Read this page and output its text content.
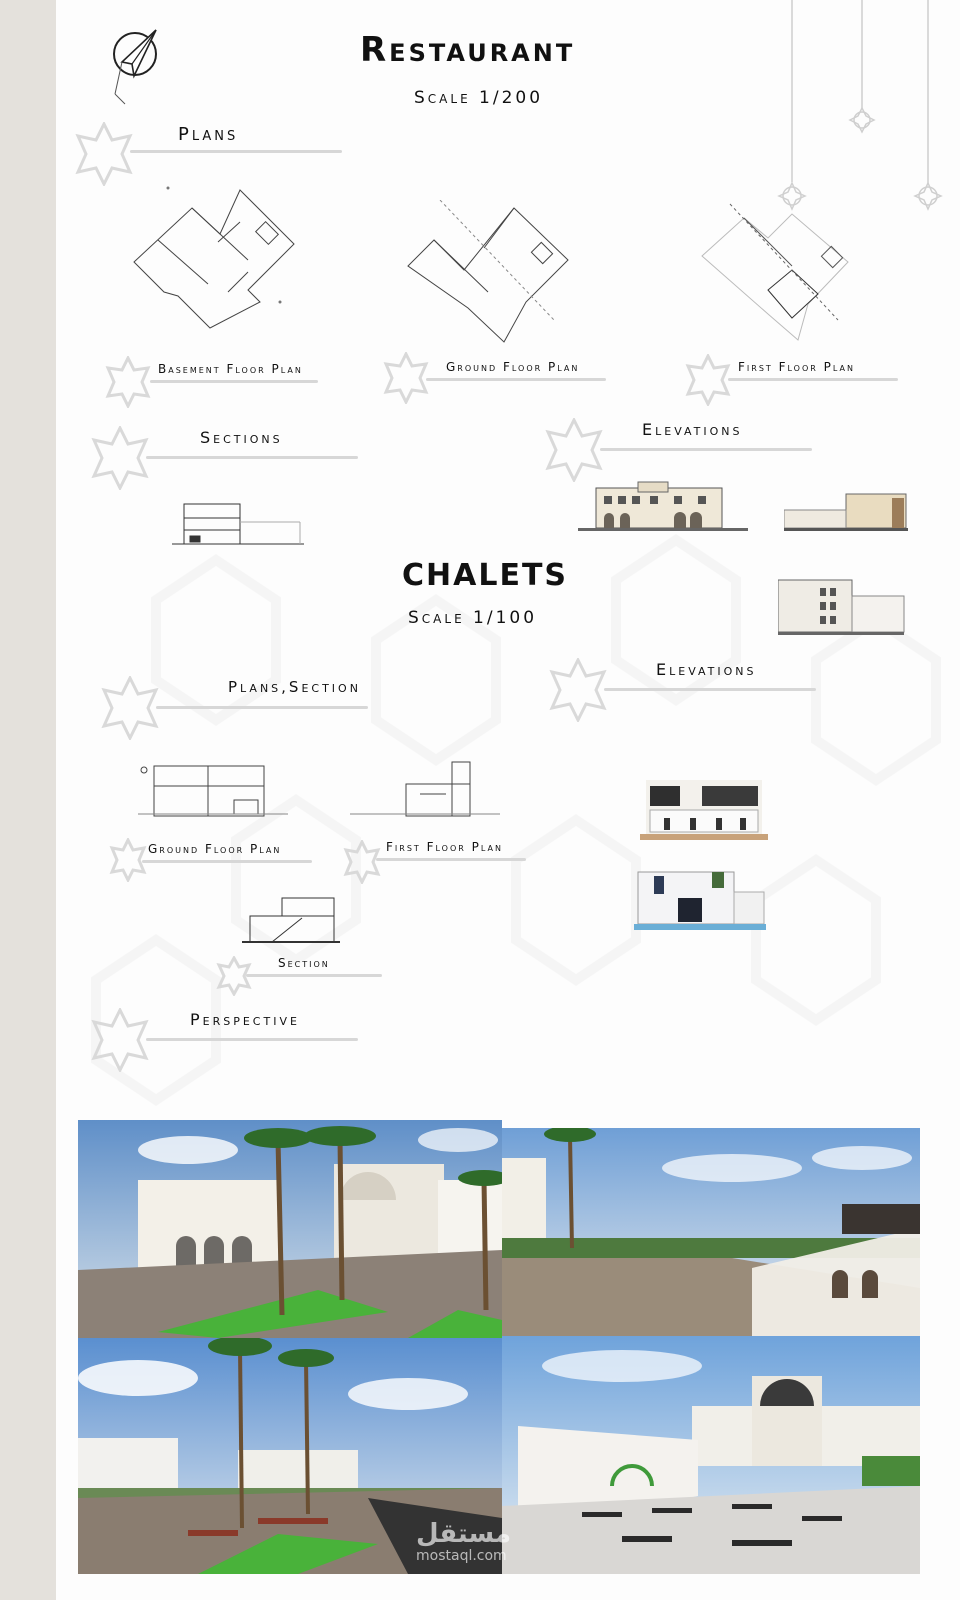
Restaurant
Scale 1/200
Plans
Basement Floor Plan	Ground Floor Plan	First Floor Plan
Sections	Elevations
CHALETS
Scale 1/100
Plans,Section
Elevations
Ground Floor Plan	First Floor Plan
Section
Perspective
مستقل
mostaql.com
